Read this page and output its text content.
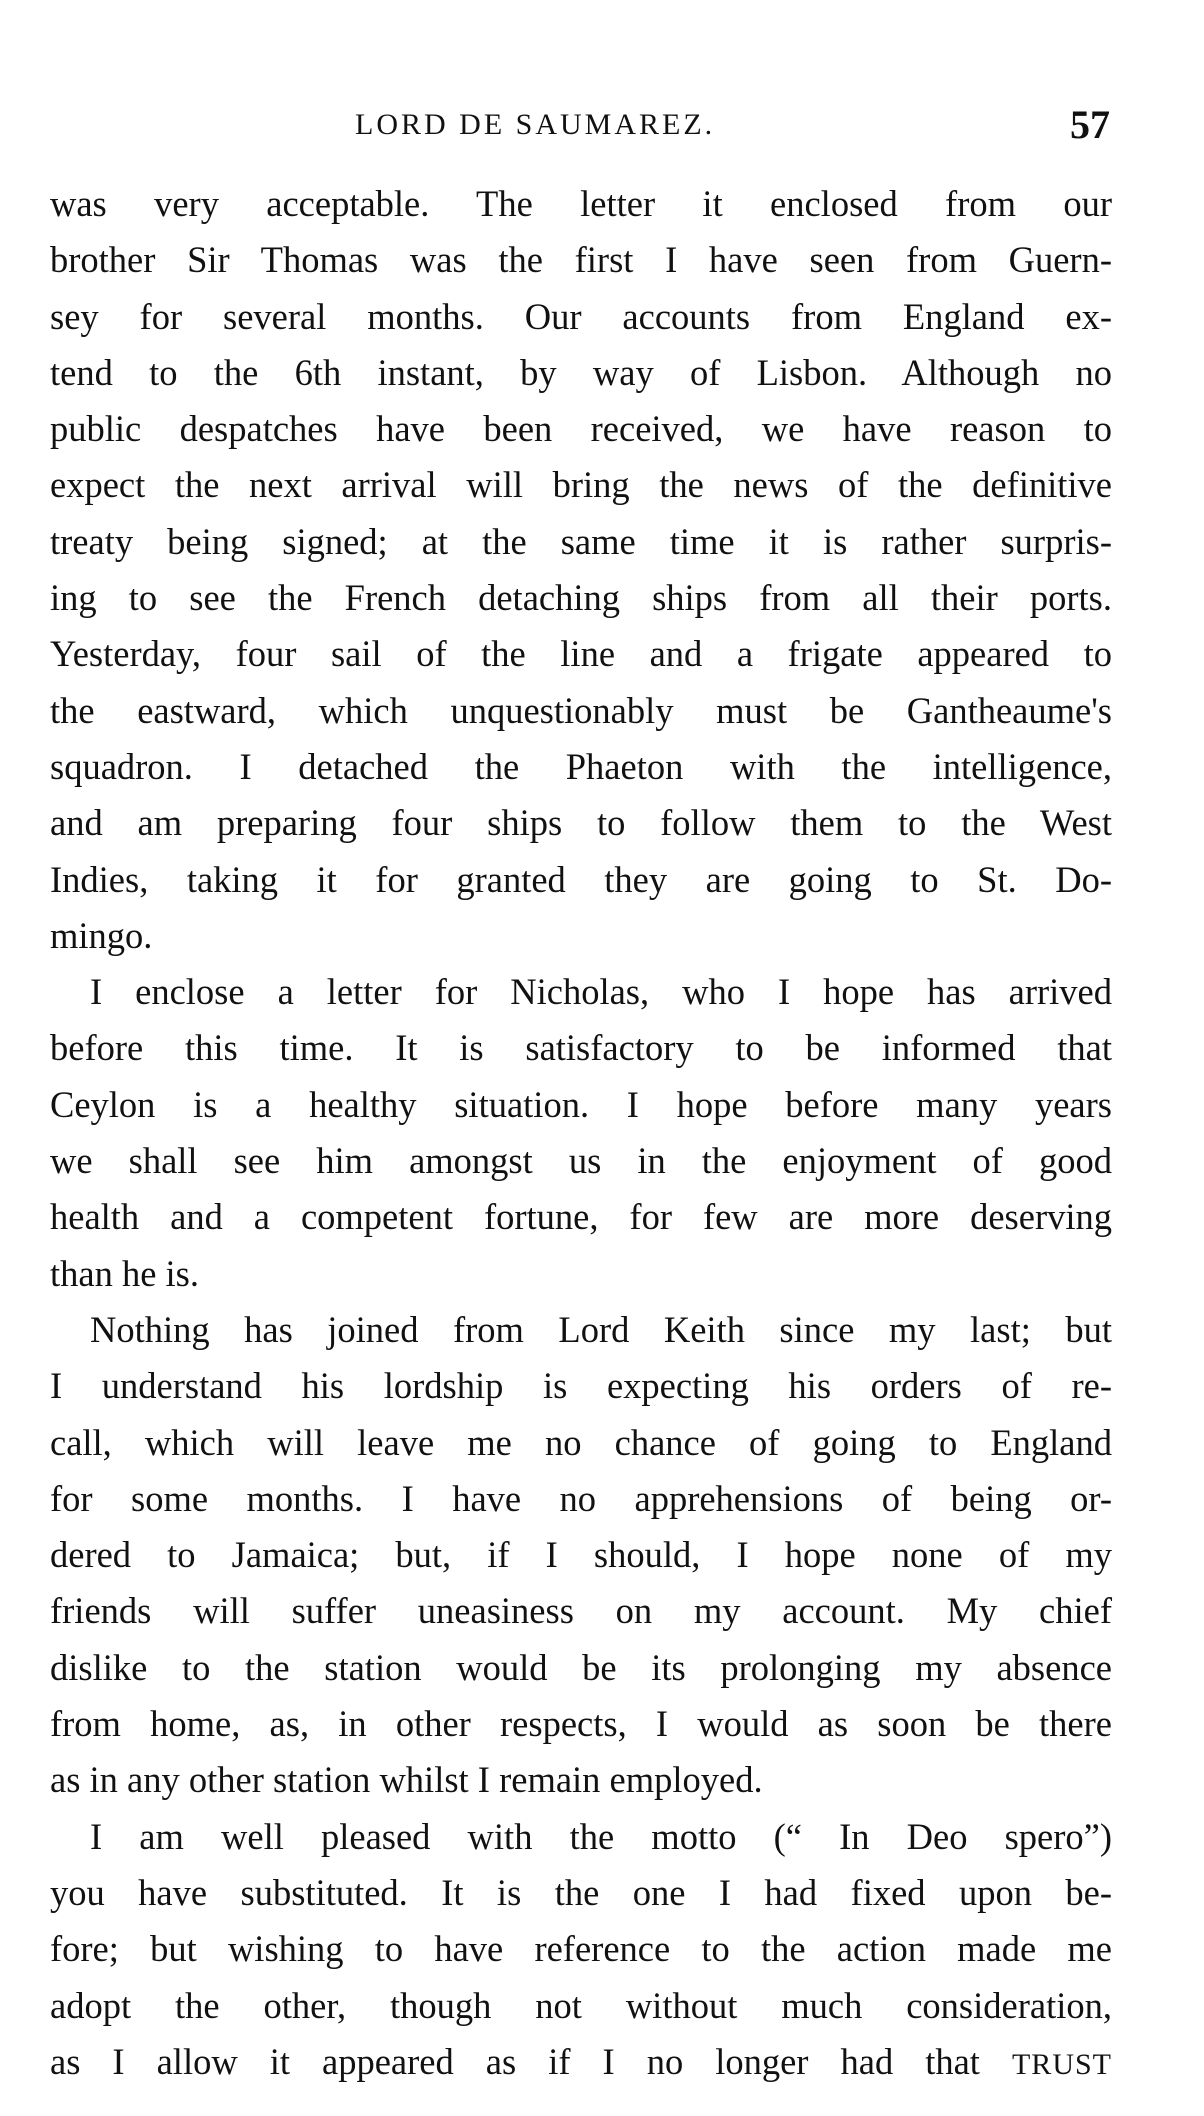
LORD DE SAUMAREZ.	57
was very acceptable. The letter it enclosed from our
brother Sir Thomas was the first I have seen from Guern-
sey for several months. Our accounts from England ex-
tend to the 6th instant, by way of Lisbon. Although no
public despatches have been received, we have reason to
expect the next arrival will bring the news of the definitive
treaty being signed; at the same time it is rather surpris-
ing to see the French detaching ships from all their ports.
Yesterday, four sail of the line and a frigate appeared to
the eastward, which unquestionably must be Gantheaume's
squadron. I detached the Phaeton with the intelligence,
and am preparing four ships to follow them to the West
Indies, taking it for granted they are going to St. Do-
mingo.
I enclose a letter for Nicholas, who I hope has arrived
before this time. It is satisfactory to be informed that
Ceylon is a healthy situation. I hope before many years
we shall see him amongst us in the enjoyment of good
health and a competent fortune, for few are more deserving
than he is.
Nothing has joined from Lord Keith since my last; but
I understand his lordship is expecting his orders of re-
call, which will leave me no chance of going to England
for some months. I have no apprehensions of being or-
dered to Jamaica; but, if I should, I hope none of my
friends will suffer uneasiness on my account. My chief
dislike to the station would be its prolonging my absence
from home, as, in other respects, I would as soon be there
as in any other station whilst I remain employed.
I am well pleased with the motto (“ In Deo spero”)
you have substituted. It is the one I had fixed upon be-
fore; but wishing to have reference to the action made me
adopt the other, though not without much consideration,
as I allow it appeared as if I no longer had that TRUST
